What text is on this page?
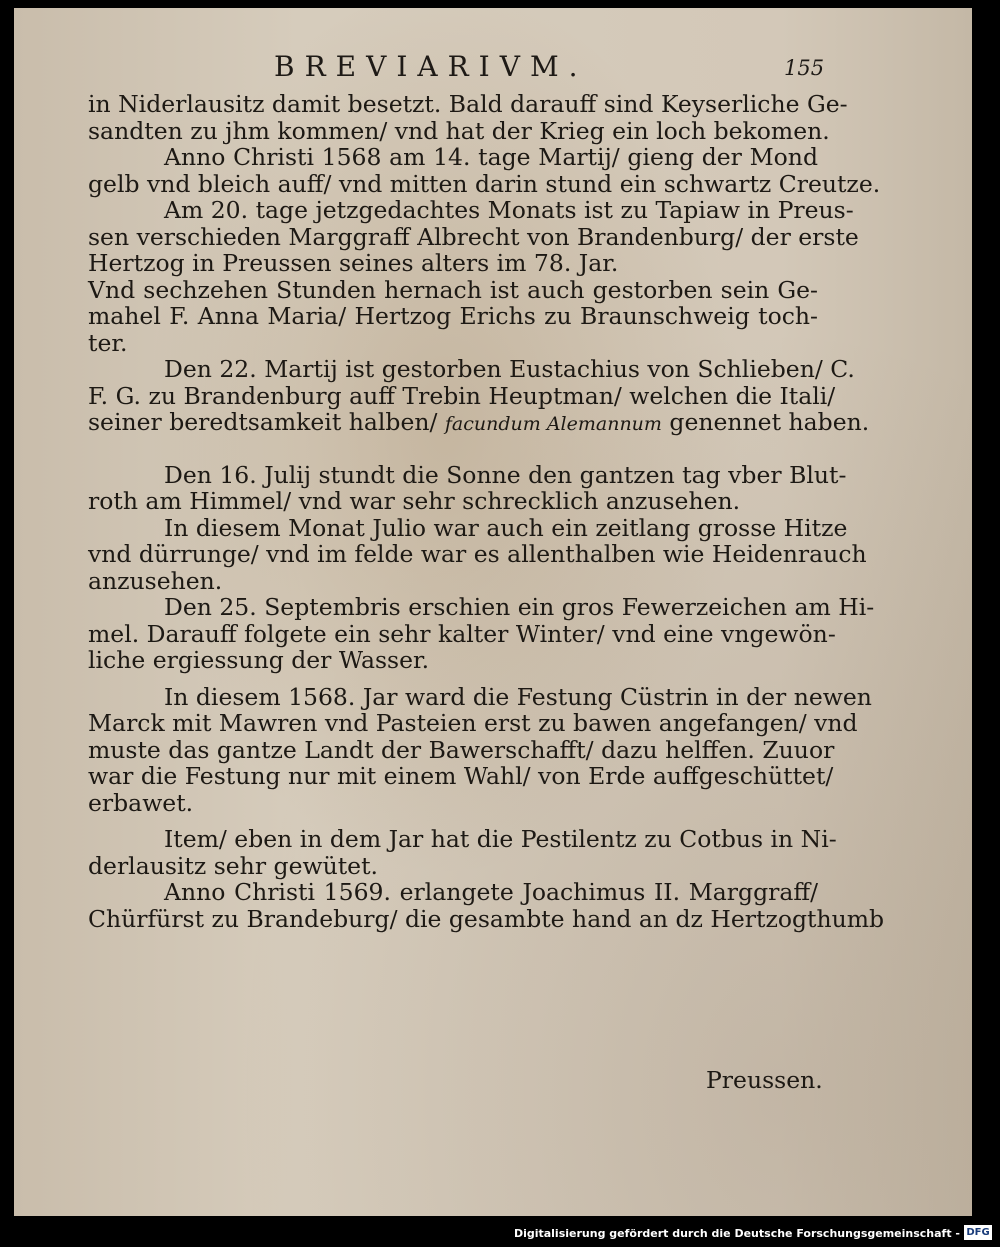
BREVIARIVM.	155
in Niderlausitz damit besetzt. Bald darauff sind Keyserliche Ge-
sandten zu jhm kommen/ vnd hat der Krieg ein loch bekomen.
Anno Christi 1568 am 14. tage Martij/ gieng der Mond
gelb vnd bleich auff/ vnd mitten darin stund ein schwartz Creutze.
Am 20. tage jetzgedachtes Monats ist zu Tapiaw in Preus-
sen verschieden Marggraff Albrecht von Brandenburg/ der erste
Hertzog in Preussen seines alters im 78. Jar.
Vnd sechzehen Stunden hernach ist auch gestorben sein Ge-
mahel F. Anna Maria/ Hertzog Erichs zu Braunschweig toch-
ter.
Den 22. Martij ist gestorben Eustachius von Schlieben/ C.
F. G. zu Brandenburg auff Trebin Heuptman/ welchen die Itali/
seiner beredtsamkeit halben/ facundum Alemannum genennet haben.
Den 16. Julij stundt die Sonne den gantzen tag vber Blut-
roth am Himmel/ vnd war sehr schrecklich anzusehen.
In diesem Monat Julio war auch ein zeitlang grosse Hitze
vnd dürrunge/ vnd im felde war es allenthalben wie Heidenrauch
anzusehen.
Den 25. Septembris erschien ein gros Fewerzeichen am Hi-
mel. Darauff folgete ein sehr kalter Winter/ vnd eine vngewön-
liche ergiessung der Wasser.
In diesem 1568. Jar ward die Festung Cüstrin in der newen
Marck mit Mawren vnd Pasteien erst zu bawen angefangen/ vnd
muste das gantze Landt der Bawerschafft/ dazu helffen. Zuuor
war die Festung nur mit einem Wahl/ von Erde auffgeschüttet/
erbawet.
Item/ eben in dem Jar hat die Pestilentz zu Cotbus in Ni-
derlausitz sehr gewütet.
Anno Christi 1569. erlangete Joachimus II. Marggraff/
Chürfürst zu Brandeburg/ die gesambte hand an dz Hertzogthumb
Preussen.
Digitalisierung gefördert durch die Deutsche Forschungsgemeinschaft - DFG
